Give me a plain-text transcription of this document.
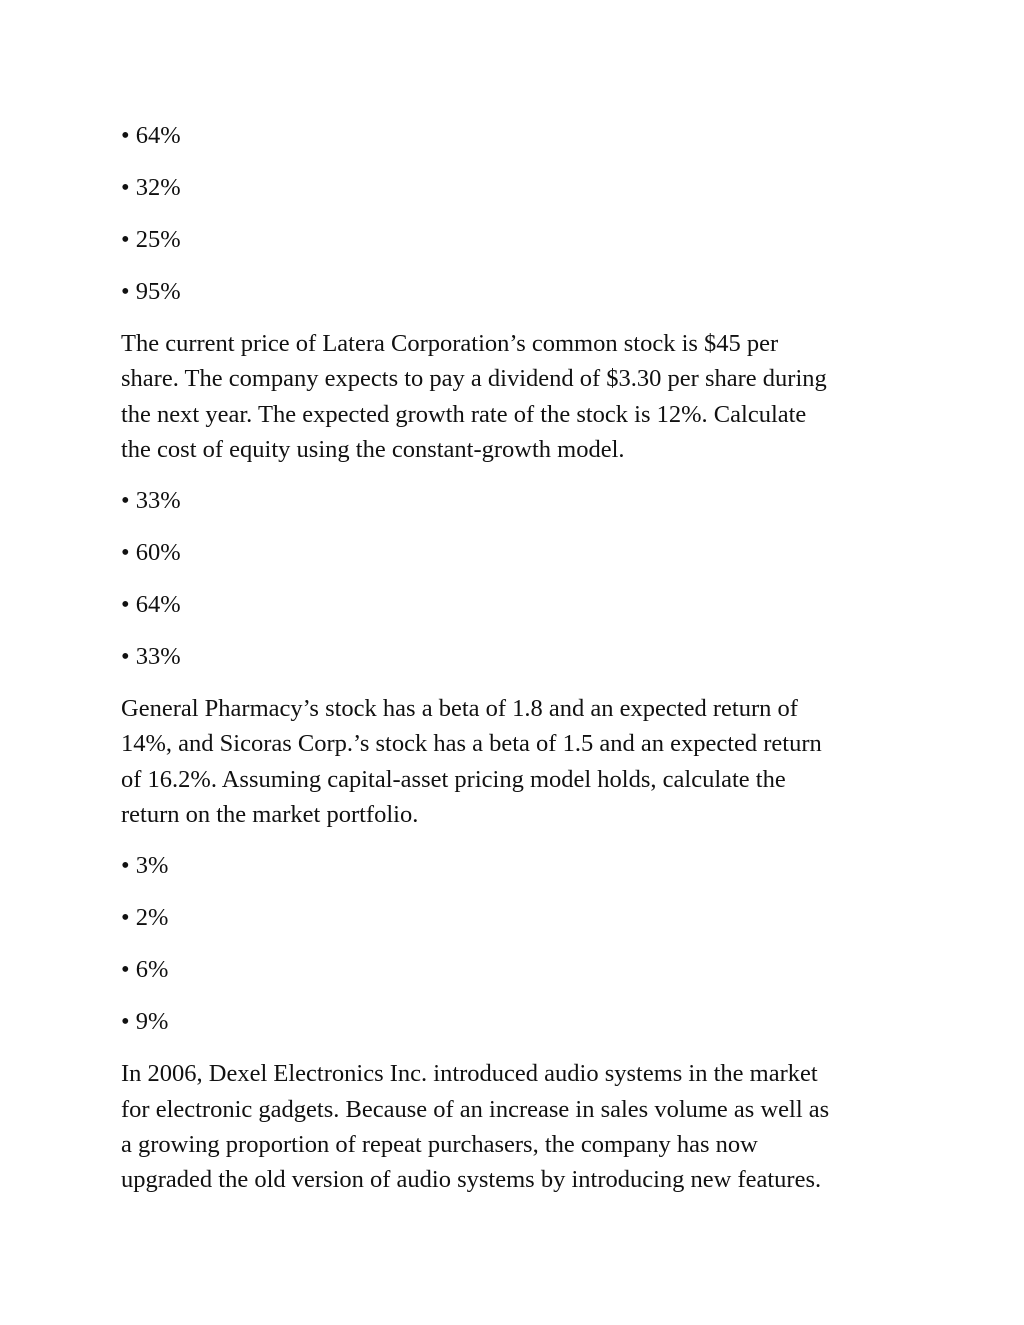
• 64%

• 32%

• 25%

• 95%

The current price of Latera Corporation’s common stock is $45 per
share. The company expects to pay a dividend of $3.30 per share during
the next year. The expected growth rate of the stock is 12%. Calculate
the cost of equity using the constant-growth model.

• 33%

• 60%

• 64%

• 33%

General Pharmacy’s stock has a beta of 1.8 and an expected return of
14%, and Sicoras Corp.’s stock has a beta of 1.5 and an expected return
of 16.2%. Assuming capital-asset pricing model holds, calculate the
return on the market portfolio.

• 3%

• 2%

• 6%

• 9%

In 2006, Dexel Electronics Inc. introduced audio systems in the market
for electronic gadgets. Because of an increase in sales volume as well as
a growing proportion of repeat purchasers, the company has now
upgraded the old version of audio systems by introducing new features.
